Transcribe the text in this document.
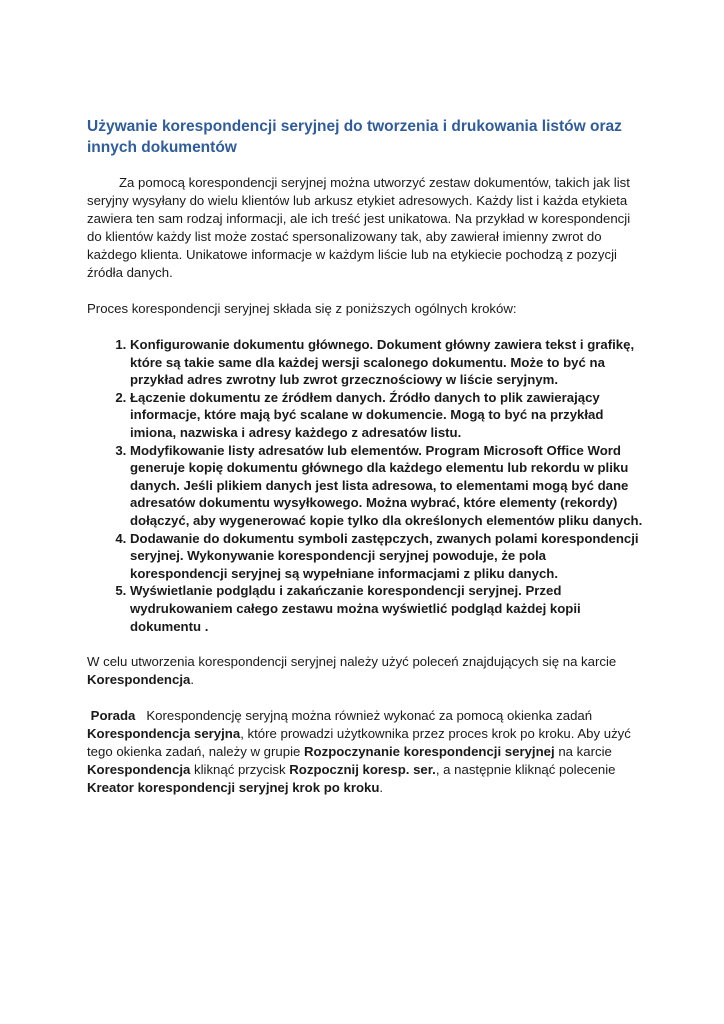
Używanie korespondencji seryjnej do tworzenia i drukowania listów oraz innych dokumentów

Za pomocą korespondencji seryjnej można utworzyć zestaw dokumentów, takich jak list seryjny wysyłany do wielu klientów lub arkusz etykiet adresowych. Każdy list i każda etykieta zawiera ten sam rodzaj informacji, ale ich treść jest unikatowa. Na przykład w korespondencji do klientów każdy list może zostać spersonalizowany tak, aby zawierał imienny zwrot do każdego klienta. Unikatowe informacje w każdym liście lub na etykiecie pochodzą z pozycji źródła danych.

Proces korespondencji seryjnej składa się z poniższych ogólnych kroków:

1. Konfigurowanie dokumentu głównego. Dokument główny zawiera tekst i grafikę, które są takie same dla każdej wersji scalonego dokumentu. Może to być na przykład adres zwrotny lub zwrot grzecznościowy w liście seryjnym.
2. Łączenie dokumentu ze źródłem danych. Źródło danych to plik zawierający informacje, które mają być scalane w dokumencie. Mogą to być na przykład imiona, nazwiska i adresy każdego z adresatów listu.
3. Modyfikowanie listy adresatów lub elementów. Program Microsoft Office Word generuje kopię dokumentu głównego dla każdego elementu lub rekordu w pliku danych. Jeśli plikiem danych jest lista adresowa, to elementami mogą być dane adresatów dokumentu wysyłkowego. Można wybrać, które elementy (rekordy) dołączyć, aby wygenerować kopie tylko dla określonych elementów pliku danych.
4. Dodawanie do dokumentu symboli zastępczych, zwanych polami korespondencji seryjnej. Wykonywanie korespondencji seryjnej powoduje, że pola korespondencji seryjnej są wypełniane informacjami z pliku danych.
5. Wyświetlanie podglądu i zakańczanie korespondencji seryjnej. Przed wydrukowaniem całego zestawu można wyświetlić podgląd każdej kopii dokumentu .

W celu utworzenia korespondencji seryjnej należy użyć poleceń znajdujących się na karcie Korespondencja.

Porada Korespondencję seryjną można również wykonać za pomocą okienka zadań Korespondencja seryjna, które prowadzi użytkownika przez proces krok po kroku. Aby użyć tego okienka zadań, należy w grupie Rozpoczynanie korespondencji seryjnej na karcie Korespondencja kliknąć przycisk Rozpocznij koresp. ser., a następnie kliknąć polecenie Kreator korespondencji seryjnej krok po kroku.
